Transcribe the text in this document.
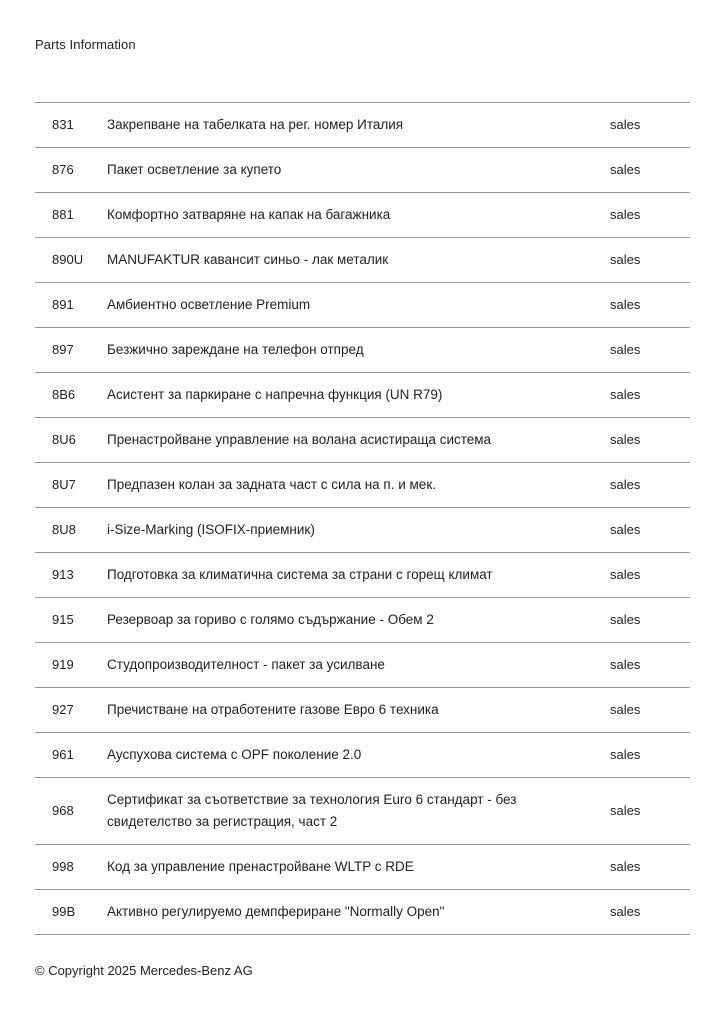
Parts Information
831	Закрепване на табелката на рег. номер Италия	sales
876	Пакет осветление за купето	sales
881	Комфортно затваряне на капак на багажника	sales
890U	MANUFAKTUR кавансит синьо - лак металик	sales
891	Амбиентно осветление Premium	sales
897	Безжично зареждане на телефон отпред	sales
8B6	Асистент за паркиране с напречна функция (UN R79)	sales
8U6	Пренастройване управление на волана асистираща система	sales
8U7	Предпазен колан за задната част с сила на п. и мек.	sales
8U8	i-Size-Marking (ISOFIX-приемник)	sales
913	Подготовка за климатична система за страни с горещ климат	sales
915	Резервоар за гориво с голямо съдържание - Обем 2	sales
919	Студопроизводителност - пакет за усилване	sales
927	Пречистване на отработените газове Евро 6 техника	sales
961	Ауспухова система с OPF поколение 2.0	sales
968	Сертификат за съответствие за технология Euro 6 стандарт - без свидетелство за регистрация, част 2	sales
998	Код за управление пренастройване WLTP с RDE	sales
99B	Активно регулируемо демпфериране "Normally Open"	sales
© Copyright 2025 Mercedes-Benz AG
